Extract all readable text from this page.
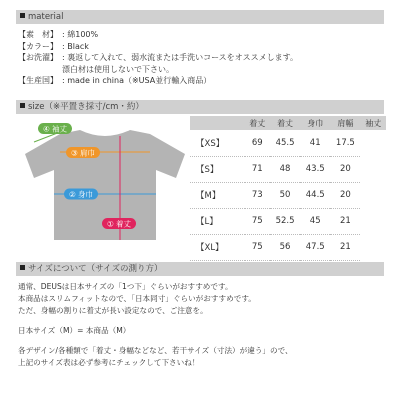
material
【素　材】 : 綿100%
【カラー】 : Black
【お洗濯】 : 裏返して入れて、弱水流または手洗いコースをオススメします。
漂白材は使用しないで下さい。
【生産国】 : made in china（※USA並行輸入商品）
size（※平置き採寸/cm・約）
④ 袖丈
③ 肩巾
② 身巾
① 着丈
	着丈	着丈	身巾	肩幅	袖丈
【XS】	69	45.5	41	17.5	
【S】	71	48	43.5	20	
【M】	73	50	44.5	20	
【L】	75	52.5	45	21	
【XL】	75	56	47.5	21	
サイズについて（サイズの測り方）

通常、DEUSは日本サイズの「1つ下」ぐらいがおすすめです。

本商品はスリムフィットなので、「日本同寸」ぐらいがおすすめです。

ただ、身幅の割りに着丈が長い設定なので、ご注意を。

日本サイズ（M）= 本商品（M）

各デザイン/各種類で「着丈・身幅などなど、若干サイズ（寸法）が違う」ので、

上記のサイズ表は必ず参考にチェックして下さいね！
